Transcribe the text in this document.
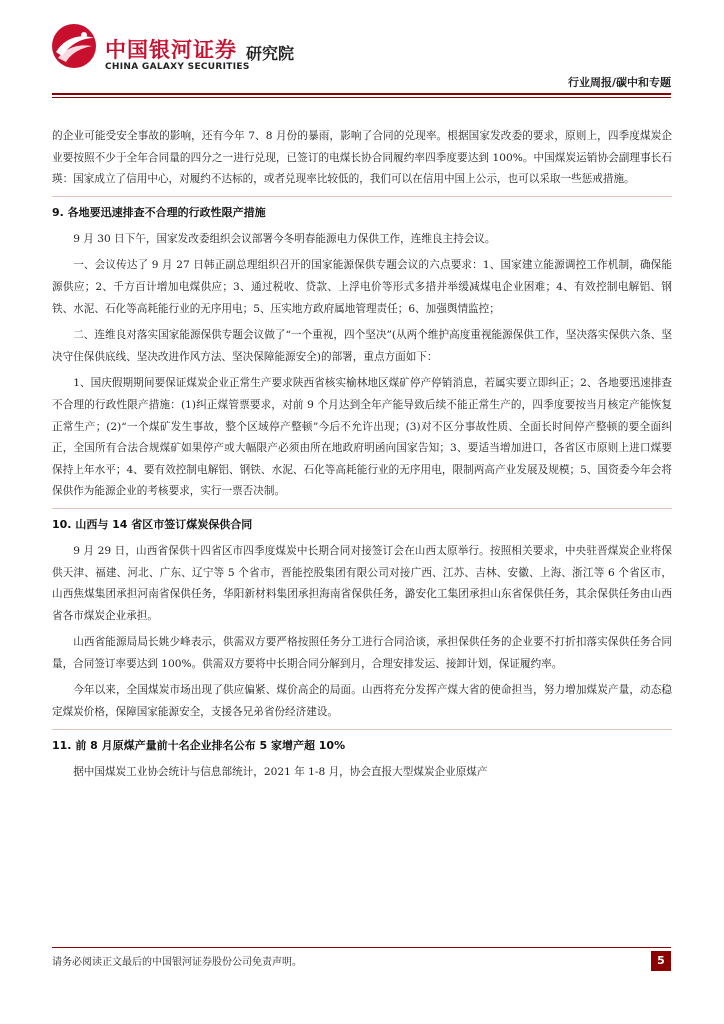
中国银河证券
CHINA GALAXY SECURITIES
研究院
行业周报/碳中和专题

的企业可能受安全事故的影响，还有今年 7、8 月份的暴雨，影响了合同的兑现率。根据国家发改委的要求，原则上，四季度煤炭企业要按照不少于全年合同量的四分之一进行兑现，已签订的电煤长协合同履约率四季度要达到 100%。中国煤炭运销协会副理事长石瑛：国家成立了信用中心，对履约不达标的，或者兑现率比较低的，我们可以在信用中国上公示，也可以采取一些惩戒措施。

9. 各地要迅速排查不合理的行政性限产措施

9 月 30 日下午，国家发改委组织会议部署今冬明春能源电力保供工作，连维良主持会议。

一、会议传达了 9 月 27 日韩正副总理组织召开的国家能源保供专题会议的六点要求：1、国家建立能源调控工作机制，确保能源供应；2、千方百计增加电煤供应；3、通过税收、贷款、上浮电价等形式多措并举缓减煤电企业困难；4、有效控制电解铝、钢铁、水泥、石化等高耗能行业的无序用电；5、压实地方政府属地管理责任；6、加强舆情监控；

二、连维良对落实国家能源保供专题会议做了“一个重视，四个坚决”(从两个维护高度重视能源保供工作，坚决落实保供六条、坚决守住保供底线、坚决改进作风方法、坚决保障能源安全)的部署，重点方面如下：

1、国庆假期期间要保证煤炭企业正常生产要求陕西省核实榆林地区煤矿停产停销消息，若属实要立即纠正；2、各地要迅速排查不合理的行政性限产措施：(1)纠正煤管票要求，对前 9 个月达到全年产能导致后续不能正常生产的，四季度要按当月核定产能恢复正常生产；(2)“一个煤矿发生事故，整个区域停产整顿”今后不允许出现；(3)对不区分事故性质、全面长时间停产整顿的要全面纠正，全国所有合法合规煤矿如果停产或大幅限产必须由所在地政府明函向国家告知；3、要适当增加进口，各省区市原则上进口煤要保持上年水平；4、要有效控制电解铝、钢铁、水泥、石化等高耗能行业的无序用电，限制两高产业发展及规模；5、国资委今年会将保供作为能源企业的考核要求，实行一票否决制。

10. 山西与 14 省区市签订煤炭保供合同

9 月 29 日，山西省保供十四省区市四季度煤炭中长期合同对接签订会在山西太原举行。按照相关要求，中央驻晋煤炭企业将保供天津、福建、河北、广东、辽宁等 5 个省市，晋能控股集团有限公司对接广西、江苏、吉林、安徽、上海、浙江等 6 个省区市，山西焦煤集团承担河南省保供任务，华阳新材料集团承担海南省保供任务，潞安化工集团承担山东省保供任务，其余保供任务由山西省各市煤炭企业承担。

山西省能源局局长姚少峰表示，供需双方要严格按照任务分工进行合同洽谈，承担保供任务的企业要不打折扣落实保供任务合同量，合同签订率要达到 100%。供需双方要将中长期合同分解到月，合理安排发运、接卸计划，保证履约率。

今年以来，全国煤炭市场出现了供应偏紧、煤价高企的局面。山西将充分发挥产煤大省的使命担当，努力增加煤炭产量，动态稳定煤炭价格，保障国家能源安全，支援各兄弟省份经济建设。

11. 前 8 月原煤产量前十名企业排名公布 5 家增产超 10%

据中国煤炭工业协会统计与信息部统计，2021 年 1-8 月，协会直报大型煤炭企业原煤产

请务必阅读正文最后的中国银河证券股份公司免责声明。	5
